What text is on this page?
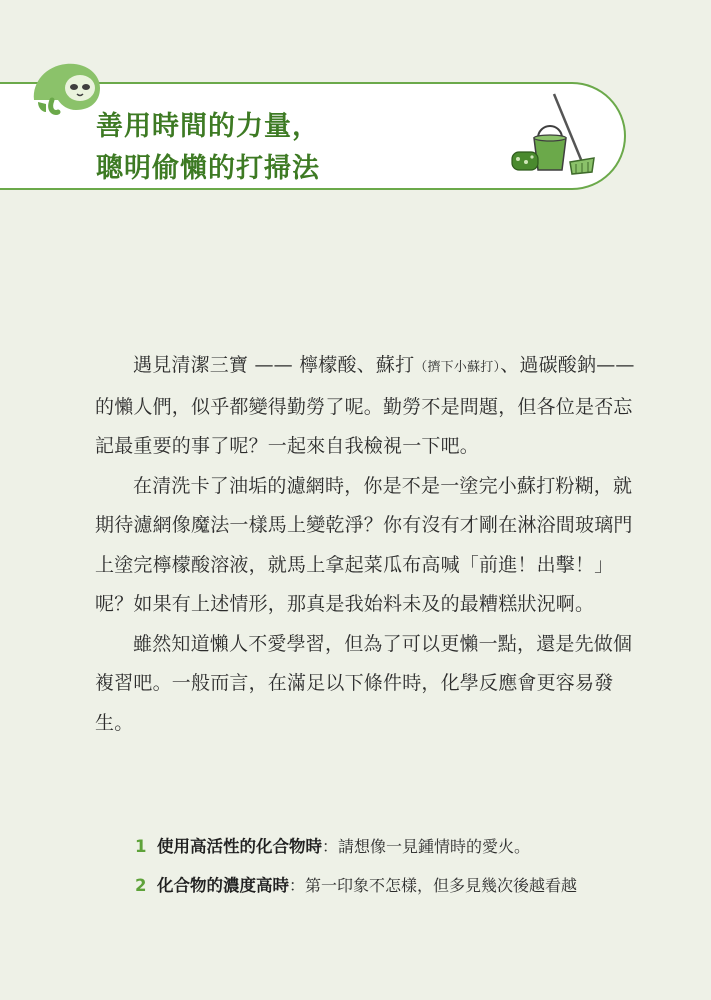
善用時間的力量，
聰明偷懶的打掃法

遇見清潔三寶 —— 檸檬酸、蘇打（擠下小蘇打）、過碳酸鈉——的懶人們，似乎都變得勤勞了呢。勤勞不是問題，但各位是否忘記最重要的事了呢？一起來自我檢視一下吧。

在清洗卡了油垢的濾網時，你是不是一塗完小蘇打粉糊，就期待濾網像魔法一樣馬上變乾淨？你有沒有才剛在淋浴間玻璃門上塗完檸檬酸溶液，就馬上拿起菜瓜布高喊「前進！出擊！」呢？如果有上述情形，那真是我始料未及的最糟糕狀況啊。

雖然知道懶人不愛學習，但為了可以更懶一點，還是先做個複習吧。一般而言，在滿足以下條件時，化學反應會更容易發生。

1 使用高活性的化合物時：請想像一見鍾情時的愛火。
2 化合物的濃度高時：第一印象不怎樣，但多見幾次後越看越
